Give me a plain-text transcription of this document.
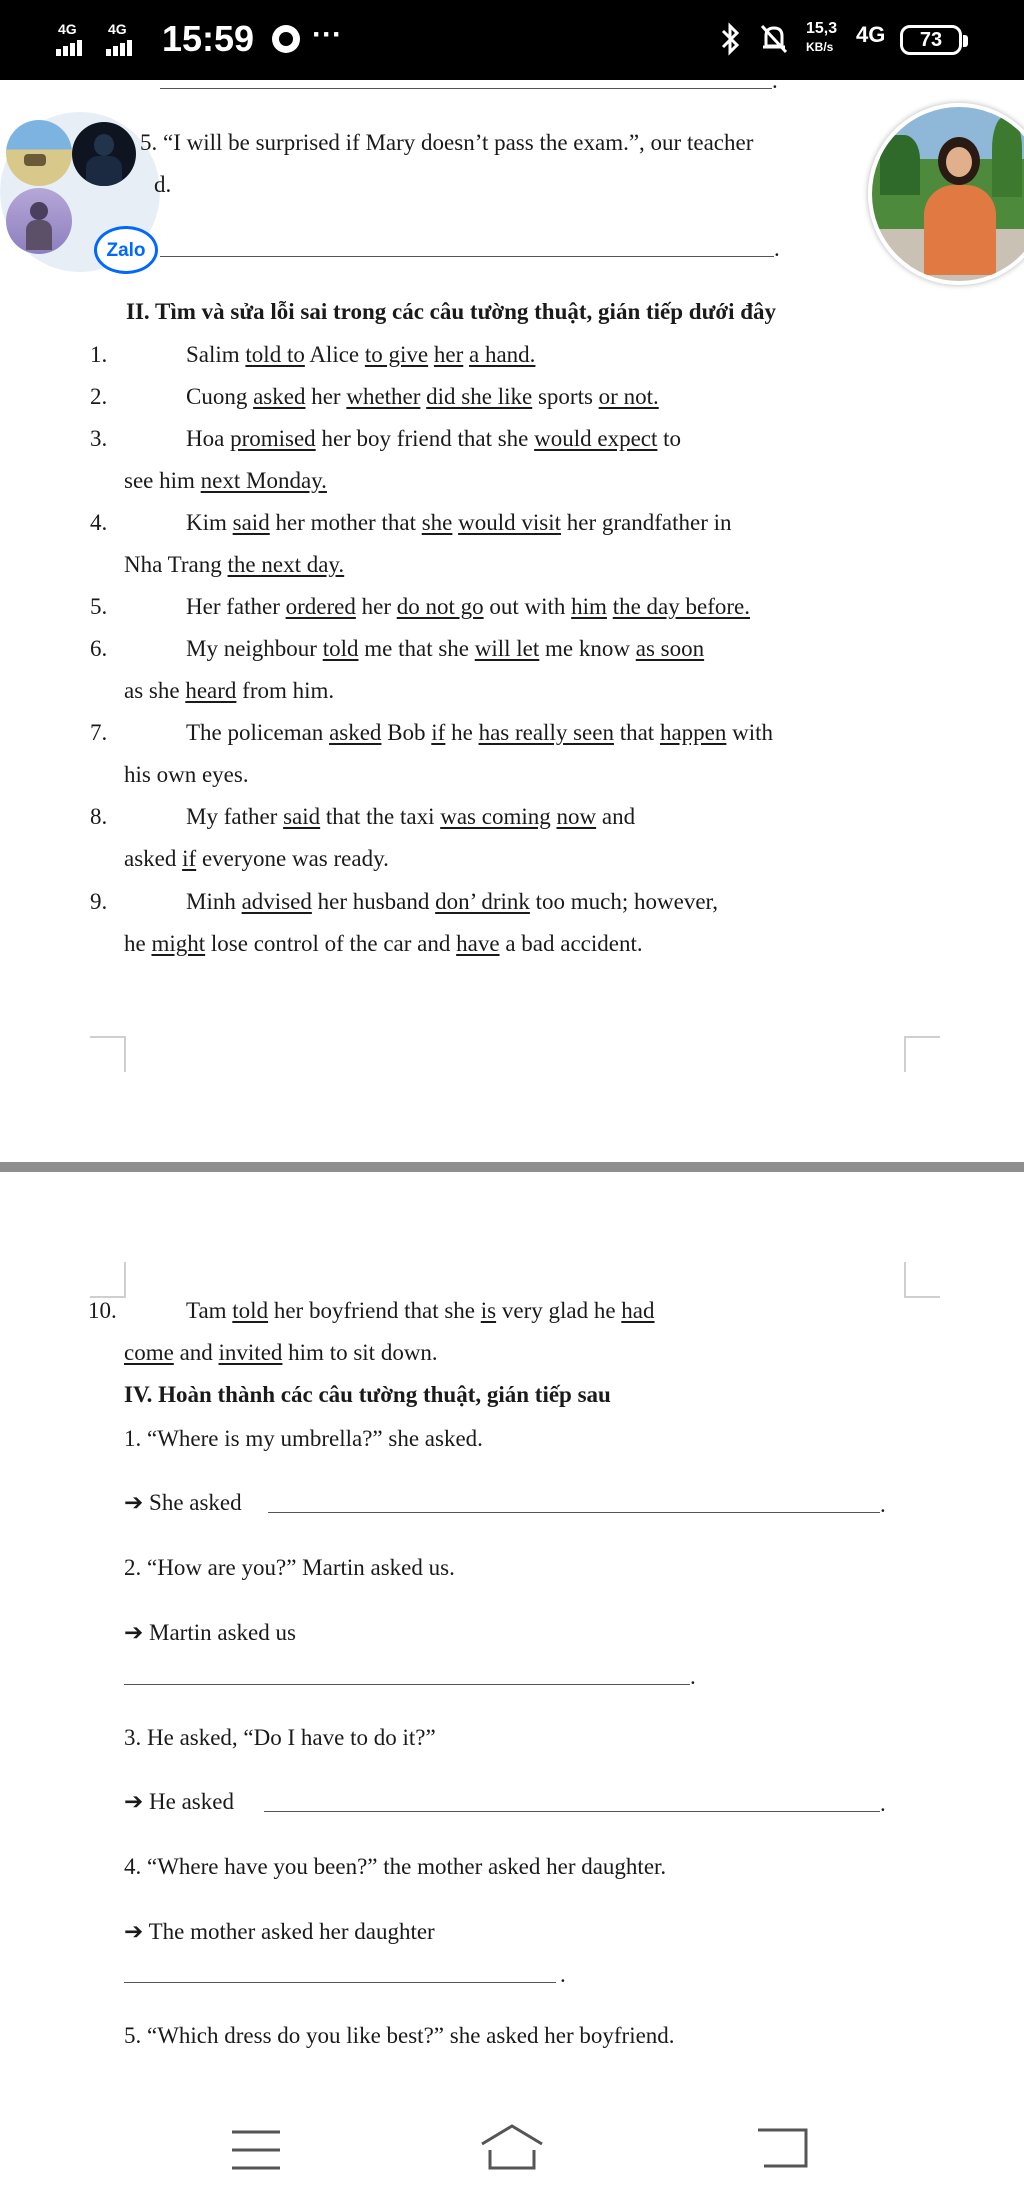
4G 4G 15:59 ···	15,3
KB/s 4G	73
Zalo
.
5. “I will be surprised if Mary doesn’t pass the exam.”, our teacher
d.
.
II. Tìm và sửa lỗi sai trong các câu tường thuật, gián tiếp dưới đây
1.	Salim told to Alice to give her a hand.
2.	Cuong asked her whether did she like sports or not.
3.	Hoa promised her boy friend that she would expect to
see him next Monday.
4.	Kim said her mother that she would visit her grandfather in
Nha Trang the next day.
5.	Her father ordered her do not go out with him the day before.
6.	My neighbour told me that she will let me know as soon
as she heard from him.
7.	The policeman asked Bob if he has really seen that happen with
his own eyes.
8.	My father said that the taxi was coming now and
asked if everyone was ready.
9.	Minh advised her husband don’ drink too much; however,
he might lose control of the car and have a bad accident.
10.	Tam told her boyfriend that she is very glad he had
come and invited him to sit down.
IV. Hoàn thành các câu tường thuật, gián tiếp sau
1. “Where is my umbrella?” she asked.
➔ She asked	.
2. “How are you?” Martin asked us.
➔ Martin asked us
.
3. He asked, “Do I have to do it?”
➔ He asked	.
4. “Where have you been?” the mother asked her daughter.
➔ The mother asked her daughter
.
5. “Which dress do you like best?” she asked her boyfriend.
